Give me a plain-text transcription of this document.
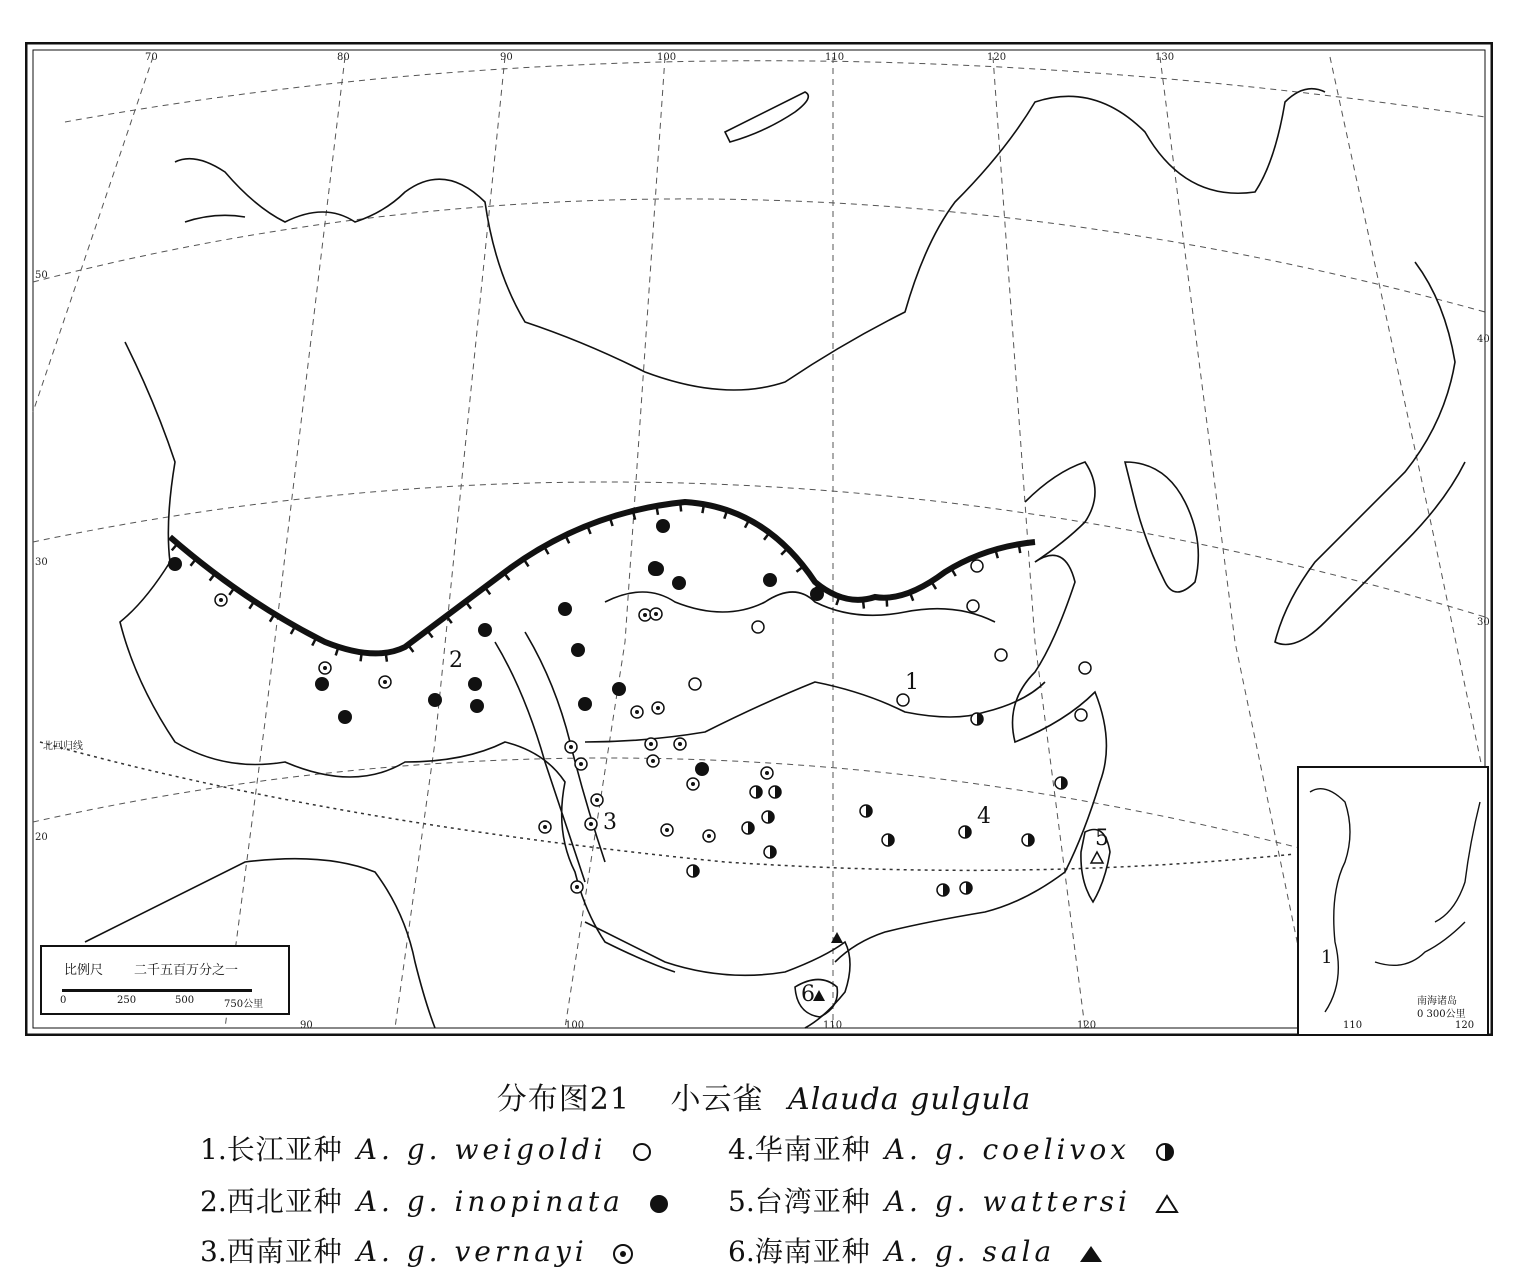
70	80	90	100	110	120	130
50
30
20
40
30
90	100	110	120
北回归线
1
2
3	4
5
6
比例尺 二千五百万分之一
0	250	500	750公里	南海诸岛
0 300公里
110	120
1
分布图21 小云雀 Alauda gulgula
1.长江亚种 A. g. weigoldi
2.西北亚种 A. g. inopinata
3.西南亚种 A. g. vernayi
4.华南亚种 A. g. coelivox
5.台湾亚种 A. g. wattersi
6.海南亚种 A. g. sala
